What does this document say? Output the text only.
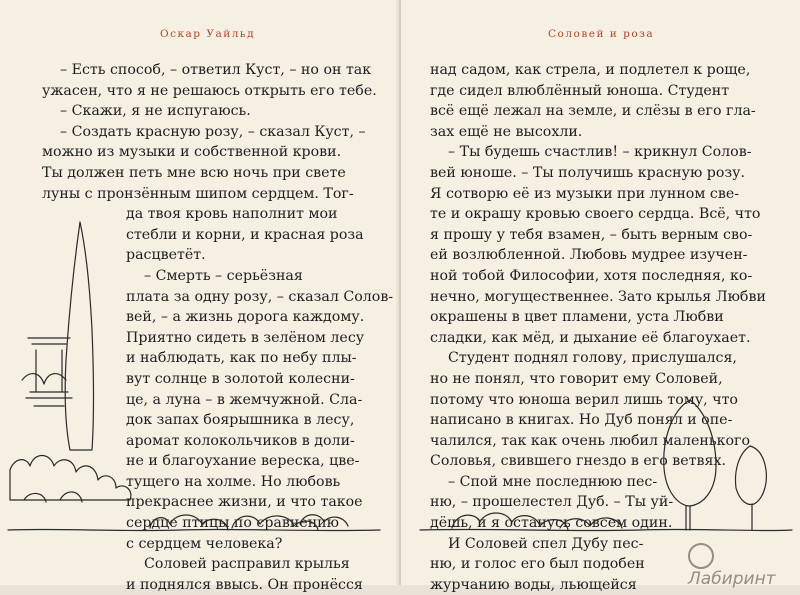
Оскар Уайльд
– Есть способ, – ответил Куст, – но он так
ужасен, что я не решаюсь открыть его тебе.
– Скажи, я не испугаюсь.
– Создать красную розу, – сказал Куст, –
можно из музыки и собственной крови.
Ты должен петь мне всю ночь при свете
луны с пронзённым шипом сердцем. Тог-
да твоя кровь наполнит мои
стебли и корни, и красная роза
расцветёт.
– Смерть – серьёзная
плата за одну розу, – сказал Солов-
вей, – а жизнь дорога каждому.
Приятно сидеть в зелёном лесу
и наблюдать, как по небу плы-
вут солнце в золотой колесни-
це, а луна – в жемчужной. Сла-
док запах боярышника в лесу,
аромат колокольчиков в доли-
не и благоухание вереска, цве-
тущего на холме. Но любовь
прекраснее жизни, и что такое
сердце птицы по сравнению
с сердцем человека?
Соловей расправил крылья
и поднялся ввысь. Он пронёсся
Соловей и роза
над садом, как стрела, и подлетел к роще,
где сидел влюблённый юноша. Студент
всё ещё лежал на земле, и слёзы в его гла-
зах ещё не высохли.
– Ты будешь счастлив! – крикнул Солов-
вей юноше. – Ты получишь красную розу.
Я сотворю её из музыки при лунном све-
те и окрашу кровью своего сердца. Всё, что
я прошу у тебя взамен, – быть верным сво-
ей возлюбленной. Любовь мудрее изучен-
ной тобой Философии, хотя последняя, ко-
нечно, могущественнее. Зато крылья Любви
окрашены в цвет пламени, уста Любви
сладки, как мёд, и дыхание её благоухает.
Студент поднял голову, прислушался,
но не понял, что говорит ему Соловей,
потому что юноша верил лишь тому, что
написано в книгах. Но Дуб понял и опе-
чалился, так как очень любил маленького
Соловья, свившего гнездо в его ветвях.
– Спой мне последнюю пес-
ню, – прошелестел Дуб. – Ты уй-
дёшь, и я останусь совсем один.
И Соловей спел Дубу пес-
ню, и голос его был подобен
журчанию воды, льющейся	Лабиринт
